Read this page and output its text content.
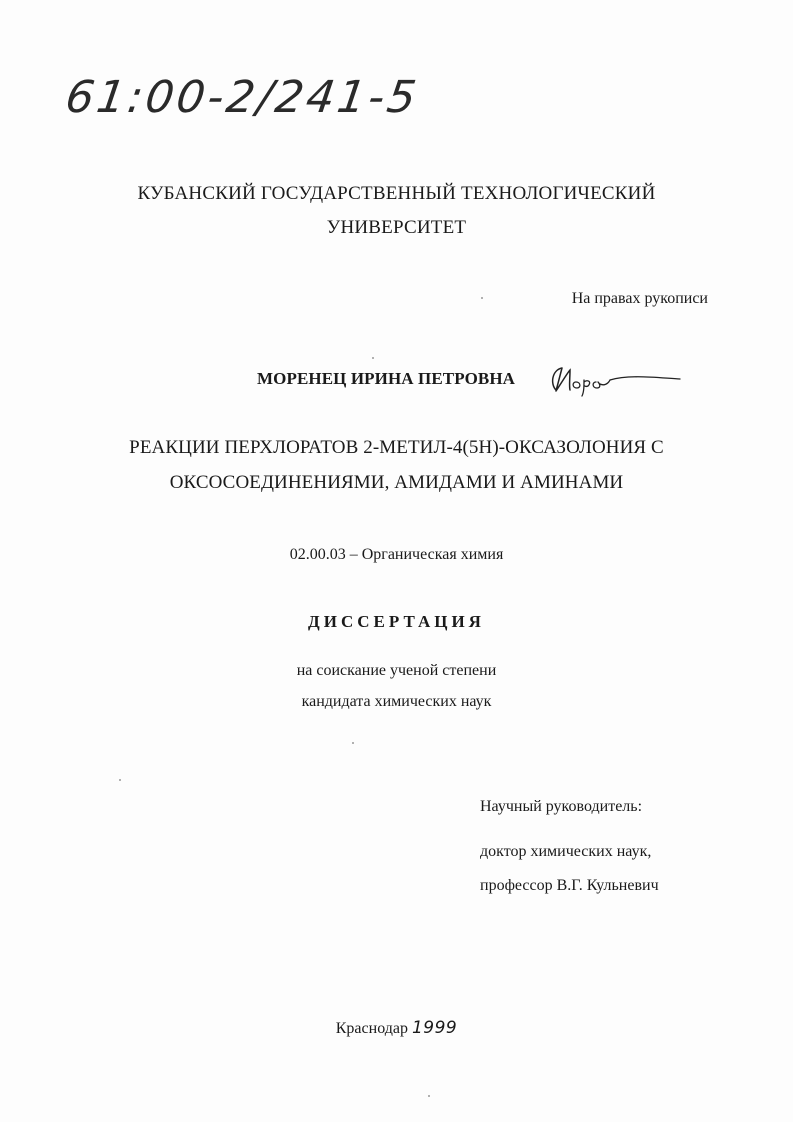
61:00-2/241-5
КУБАНСКИЙ ГОСУДАРСТВЕННЫЙ ТЕХНОЛОГИЧЕСКИЙ
УНИВЕРСИТЕТ
На правах рукописи
МОРЕНЕЦ ИРИНА ПЕТРОВНА
РЕАКЦИИ ПЕРХЛОРАТОВ 2-МЕТИЛ-4(5Н)-ОКСАЗОЛОНИЯ С
ОКСОСОЕДИНЕНИЯМИ, АМИДАМИ И АМИНАМИ
02.00.03 – Органическая химия
ДИССЕРТАЦИЯ
на соискание ученой степени
кандидата химических наук
Научный руководитель:
доктор химических наук,
профессор В.Г. Кульневич
Краснодар 1999
